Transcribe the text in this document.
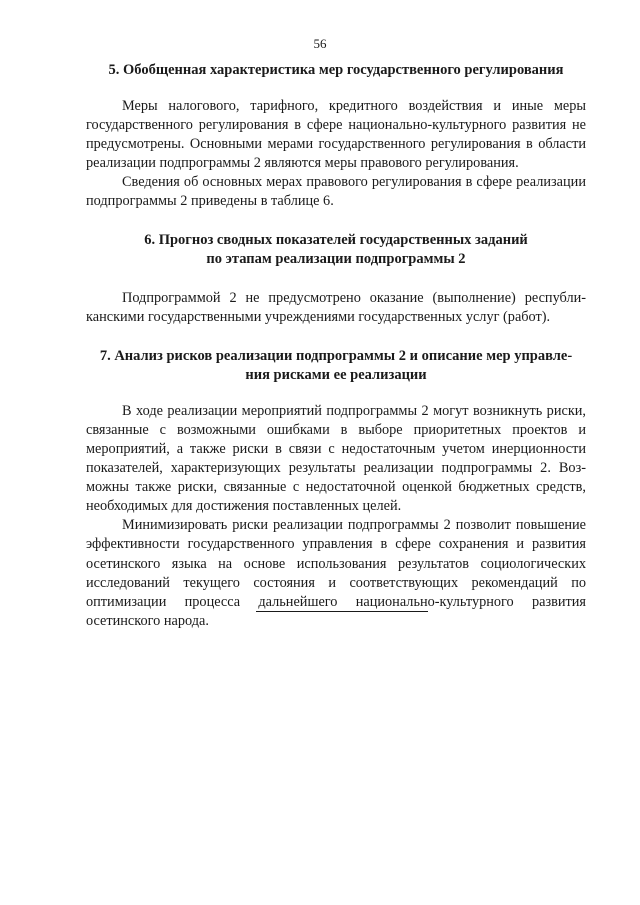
56
5. Обобщенная характеристика мер государственного регулирования

Меры налогового, тарифного, кредитного воздействия и иные меры государственного регулирования в сфере национально-культурного развития не предусмотрены. Основными мерами государственного регулирования в области реализации подпрограммы 2 являются меры правового регулирования.

Сведения об основных мерах правового регулирования в сфере реализации подпрограммы 2 приведены в таблице 6.

6. Прогноз сводных показателей государственных заданий
по этапам реализации подпрограммы 2

Подпрограммой 2 не предусмотрено оказание (выполнение) республиканскими государственными учреждениями государственных услуг (работ).

7. Анализ рисков реализации подпрограммы 2 и описание мер управле-
ния рисками ее реализации

В ходе реализации мероприятий подпрограммы 2 могут возникнуть риски, связанные с возможными ошибками в выборе приоритетных проектов и мероприятий, а также риски в связи с недостаточным учетом инерционности показателей, характеризующих результаты реализации подпрограммы 2. Возможны также риски, связанные с недостаточной оценкой бюджетных средств, необходимых для достижения поставленных целей.

Минимизировать риски реализации подпрограммы 2 позволит повышение эффективности государственного управления в сфере сохранения и развития осетинского языка на основе использования результатов социологических исследований текущего состояния и соответствующих рекомендаций по оптимизации процесса дальнейшего национально-культурного развития осетинского народа.
